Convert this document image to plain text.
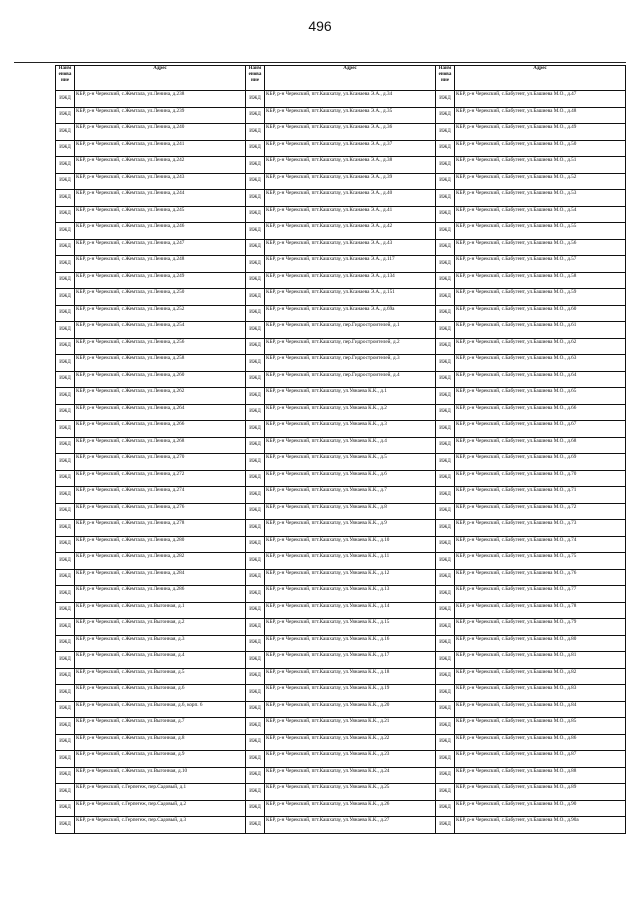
496
Наим енова ние	Адрес	Наим енова ние	Адрес	Наим енова ние	Адрес
ИЖД	КБР, р-н Черекский, с.Жемтала, ул.Ленина, д.238	ИЖД	КБР, р-н Черекский, пгт.Кашхатау, ул.Ксанаева Э.А., д.34	ИЖД	КБР, р-н Черекский, с.Бабугент, ул.Башиева М.О., д.47
ИЖД	КБР, р-н Черекский, с.Жемтала, ул.Ленина, д.239	ИЖД	КБР, р-н Черекский, пгт.Кашхатау, ул.Ксанаева Э.А., д.35	ИЖД	КБР, р-н Черекский, с.Бабугент, ул.Башиева М.О., д.48
ИЖД	КБР, р-н Черекский, с.Жемтала, ул.Ленина, д.240	ИЖД	КБР, р-н Черекский, пгт.Кашхатау, ул.Ксанаева Э.А., д.36	ИЖД	КБР, р-н Черекский, с.Бабугент, ул.Башиева М.О., д.49
ИЖД	КБР, р-н Черекский, с.Жемтала, ул.Ленина, д.241	ИЖД	КБР, р-н Черекский, пгт.Кашхатау, ул.Ксанаева Э.А., д.37	ИЖД	КБР, р-н Черекский, с.Бабугент, ул.Башиева М.О., д.50
ИЖД	КБР, р-н Черекский, с.Жемтала, ул.Ленина, д.242	ИЖД	КБР, р-н Черекский, пгт.Кашхатау, ул.Ксанаева Э.А., д.38	ИЖД	КБР, р-н Черекский, с.Бабугент, ул.Башиева М.О., д.51
ИЖД	КБР, р-н Черекский, с.Жемтала, ул.Ленина, д.243	ИЖД	КБР, р-н Черекский, пгт.Кашхатау, ул.Ксанаева Э.А., д.39	ИЖД	КБР, р-н Черекский, с.Бабугент, ул.Башиева М.О., д.52
ИЖД	КБР, р-н Черекский, с.Жемтала, ул.Ленина, д.244	ИЖД	КБР, р-н Черекский, пгт.Кашхатау, ул.Ксанаева Э.А., д.40	ИЖД	КБР, р-н Черекский, с.Бабугент, ул.Башиева М.О., д.53
ИЖД	КБР, р-н Черекский, с.Жемтала, ул.Ленина, д.245	ИЖД	КБР, р-н Черекский, пгт.Кашхатау, ул.Ксанаева Э.А., д.41	ИЖД	КБР, р-н Черекский, с.Бабугент, ул.Башиева М.О., д.54
ИЖД	КБР, р-н Черекский, с.Жемтала, ул.Ленина, д.246	ИЖД	КБР, р-н Черекский, пгт.Кашхатау, ул.Ксанаева Э.А., д.42	ИЖД	КБР, р-н Черекский, с.Бабугент, ул.Башиева М.О., д.55
ИЖД	КБР, р-н Черекский, с.Жемтала, ул.Ленина, д.247	ИЖД	КБР, р-н Черекский, пгт.Кашхатау, ул.Ксанаева Э.А., д.43	ИЖД	КБР, р-н Черекский, с.Бабугент, ул.Башиева М.О., д.56
ИЖД	КБР, р-н Черекский, с.Жемтала, ул.Ленина, д.248	ИЖД	КБР, р-н Черекский, пгт.Кашхатау, ул.Ксанаева Э.А., д.117	ИЖД	КБР, р-н Черекский, с.Бабугент, ул.Башиева М.О., д.57
ИЖД	КБР, р-н Черекский, с.Жемтала, ул.Ленина, д.249	ИЖД	КБР, р-н Черекский, пгт.Кашхатау, ул.Ксанаева Э.А., д.134	ИЖД	КБР, р-н Черекский, с.Бабугент, ул.Башиева М.О., д.58
ИЖД	КБР, р-н Черекский, с.Жемтала, ул.Ленина, д.250	ИЖД	КБР, р-н Черекский, пгт.Кашхатау, ул.Ксанаева Э.А., д.151	ИЖД	КБР, р-н Черекский, с.Бабугент, ул.Башиева М.О., д.59
ИЖД	КБР, р-н Черекский, с.Жемтала, ул.Ленина, д.252	ИЖД	КБР, р-н Черекский, пгт.Кашхатау, ул.Ксанаева Э.А., д.69а	ИЖД	КБР, р-н Черекский, с.Бабугент, ул.Башиева М.О., д.60
ИЖД	КБР, р-н Черекский, с.Жемтала, ул.Ленина, д.254	ИЖД	КБР, р-н Черекский, пгт.Кашхатау, пер.Гидростроителей, д.1	ИЖД	КБР, р-н Черекский, с.Бабугент, ул.Башиева М.О., д.61
ИЖД	КБР, р-н Черекский, с.Жемтала, ул.Ленина, д.256	ИЖД	КБР, р-н Черекский, пгт.Кашхатау, пер.Гидростроителей, д.2	ИЖД	КБР, р-н Черекский, с.Бабугент, ул.Башиева М.О., д.62
ИЖД	КБР, р-н Черекский, с.Жемтала, ул.Ленина, д.258	ИЖД	КБР, р-н Черекский, пгт.Кашхатау, пер.Гидростроителей, д.3	ИЖД	КБР, р-н Черекский, с.Бабугент, ул.Башиева М.О., д.63
ИЖД	КБР, р-н Черекский, с.Жемтала, ул.Ленина, д.260	ИЖД	КБР, р-н Черекский, пгт.Кашхатау, пер.Гидростроителей, д.4	ИЖД	КБР, р-н Черекский, с.Бабугент, ул.Башиева М.О., д.64
ИЖД	КБР, р-н Черекский, с.Жемтала, ул.Ленина, д.262	ИЖД	КБР, р-н Черекский, пгт.Кашхатау, ул.Уянаева К.К., д.1	ИЖД	КБР, р-н Черекский, с.Бабугент, ул.Башиева М.О., д.65
ИЖД	КБР, р-н Черекский, с.Жемтала, ул.Ленина, д.264	ИЖД	КБР, р-н Черекский, пгт.Кашхатау, ул.Уянаева К.К., д.2	ИЖД	КБР, р-н Черекский, с.Бабугент, ул.Башиева М.О., д.66
ИЖД	КБР, р-н Черекский, с.Жемтала, ул.Ленина, д.266	ИЖД	КБР, р-н Черекский, пгт.Кашхатау, ул.Уянаева К.К., д.3	ИЖД	КБР, р-н Черекский, с.Бабугент, ул.Башиева М.О., д.67
ИЖД	КБР, р-н Черекский, с.Жемтала, ул.Ленина, д.268	ИЖД	КБР, р-н Черекский, пгт.Кашхатау, ул.Уянаева К.К., д.4	ИЖД	КБР, р-н Черекский, с.Бабугент, ул.Башиева М.О., д.68
ИЖД	КБР, р-н Черекский, с.Жемтала, ул.Ленина, д.270	ИЖД	КБР, р-н Черекский, пгт.Кашхатау, ул.Уянаева К.К., д.5	ИЖД	КБР, р-н Черекский, с.Бабугент, ул.Башиева М.О., д.69
ИЖД	КБР, р-н Черекский, с.Жемтала, ул.Ленина, д.272	ИЖД	КБР, р-н Черекский, пгт.Кашхатау, ул.Уянаева К.К., д.6	ИЖД	КБР, р-н Черекский, с.Бабугент, ул.Башиева М.О., д.70
ИЖД	КБР, р-н Черекский, с.Жемтала, ул.Ленина, д.274	ИЖД	КБР, р-н Черекский, пгт.Кашхатау, ул.Уянаева К.К., д.7	ИЖД	КБР, р-н Черекский, с.Бабугент, ул.Башиева М.О., д.71
ИЖД	КБР, р-н Черекский, с.Жемтала, ул.Ленина, д.276	ИЖД	КБР, р-н Черекский, пгт.Кашхатау, ул.Уянаева К.К., д.8	ИЖД	КБР, р-н Черекский, с.Бабугент, ул.Башиева М.О., д.72
ИЖД	КБР, р-н Черекский, с.Жемтала, ул.Ленина, д.278	ИЖД	КБР, р-н Черекский, пгт.Кашхатау, ул.Уянаева К.К., д.9	ИЖД	КБР, р-н Черекский, с.Бабугент, ул.Башиева М.О., д.73
ИЖД	КБР, р-н Черекский, с.Жемтала, ул.Ленина, д.280	ИЖД	КБР, р-н Черекский, пгт.Кашхатау, ул.Уянаева К.К., д.10	ИЖД	КБР, р-н Черекский, с.Бабугент, ул.Башиева М.О., д.74
ИЖД	КБР, р-н Черекский, с.Жемтала, ул.Ленина, д.282	ИЖД	КБР, р-н Черекский, пгт.Кашхатау, ул.Уянаева К.К., д.11	ИЖД	КБР, р-н Черекский, с.Бабугент, ул.Башиева М.О., д.75
ИЖД	КБР, р-н Черекский, с.Жемтала, ул.Ленина, д.284	ИЖД	КБР, р-н Черекский, пгт.Кашхатау, ул.Уянаева К.К., д.12	ИЖД	КБР, р-н Черекский, с.Бабугент, ул.Башиева М.О., д.76
ИЖД	КБР, р-н Черекский, с.Жемтала, ул.Ленина, д.286	ИЖД	КБР, р-н Черекский, пгт.Кашхатау, ул.Уянаева К.К., д.13	ИЖД	КБР, р-н Черекский, с.Бабугент, ул.Башиева М.О., д.77
ИЖД	КБР, р-н Черекский, с.Жемтала, ул.Выгонная, д.1	ИЖД	КБР, р-н Черекский, пгт.Кашхатау, ул.Уянаева К.К., д.14	ИЖД	КБР, р-н Черекский, с.Бабугент, ул.Башиева М.О., д.78
ИЖД	КБР, р-н Черекский, с.Жемтала, ул.Выгонная, д.2	ИЖД	КБР, р-н Черекский, пгт.Кашхатау, ул.Уянаева К.К., д.15	ИЖД	КБР, р-н Черекский, с.Бабугент, ул.Башиева М.О., д.79
ИЖД	КБР, р-н Черекский, с.Жемтала, ул.Выгонная, д.3	ИЖД	КБР, р-н Черекский, пгт.Кашхатау, ул.Уянаева К.К., д.16	ИЖД	КБР, р-н Черекский, с.Бабугент, ул.Башиева М.О., д.80
ИЖД	КБР, р-н Черекский, с.Жемтала, ул.Выгонная, д.4	ИЖД	КБР, р-н Черекский, пгт.Кашхатау, ул.Уянаева К.К., д.17	ИЖД	КБР, р-н Черекский, с.Бабугент, ул.Башиева М.О., д.81
ИЖД	КБР, р-н Черекский, с.Жемтала, ул.Выгонная, д.5	ИЖД	КБР, р-н Черекский, пгт.Кашхатау, ул.Уянаева К.К., д.18	ИЖД	КБР, р-н Черекский, с.Бабугент, ул.Башиева М.О., д.82
ИЖД	КБР, р-н Черекский, с.Жемтала, ул.Выгонная, д.6	ИЖД	КБР, р-н Черекский, пгт.Кашхатау, ул.Уянаева К.К., д.19	ИЖД	КБР, р-н Черекский, с.Бабугент, ул.Башиева М.О., д.83
ИЖД	КБР, р-н Черекский, с.Жемтала, ул.Выгонная, д.6, корп. 6	ИЖД	КБР, р-н Черекский, пгт.Кашхатау, ул.Уянаева К.К., д.20	ИЖД	КБР, р-н Черекский, с.Бабугент, ул.Башиева М.О., д.84
ИЖД	КБР, р-н Черекский, с.Жемтала, ул.Выгонная, д.7	ИЖД	КБР, р-н Черекский, пгт.Кашхатау, ул.Уянаева К.К., д.21	ИЖД	КБР, р-н Черекский, с.Бабугент, ул.Башиева М.О., д.85
ИЖД	КБР, р-н Черекский, с.Жемтала, ул.Выгонная, д.8	ИЖД	КБР, р-н Черекский, пгт.Кашхатау, ул.Уянаева К.К., д.22	ИЖД	КБР, р-н Черекский, с.Бабугент, ул.Башиева М.О., д.86
ИЖД	КБР, р-н Черекский, с.Жемтала, ул.Выгонная, д.9	ИЖД	КБР, р-н Черекский, пгт.Кашхатау, ул.Уянаева К.К., д.23	ИЖД	КБР, р-н Черекский, с.Бабугент, ул.Башиева М.О., д.87
ИЖД	КБР, р-н Черекский, с.Жемтала, ул.Выгонная, д.10	ИЖД	КБР, р-н Черекский, пгт.Кашхатау, ул.Уянаева К.К., д.24	ИЖД	КБР, р-н Черекский, с.Бабугент, ул.Башиева М.О., д.88
ИЖД	КБР, р-н Черекский, с.Герпегеж, пер.Садовый, д.1	ИЖД	КБР, р-н Черекский, пгт.Кашхатау, ул.Уянаева К.К., д.25	ИЖД	КБР, р-н Черекский, с.Бабугент, ул.Башиева М.О., д.89
ИЖД	КБР, р-н Черекский, с.Герпегеж, пер.Садовый, д.2	ИЖД	КБР, р-н Черекский, пгт.Кашхатау, ул.Уянаева К.К., д.26	ИЖД	КБР, р-н Черекский, с.Бабугент, ул.Башиева М.О., д.90
ИЖД	КБР, р-н Черекский, с.Герпегеж, пер.Садовый, д.3	ИЖД	КБР, р-н Черекский, пгт.Кашхатау, ул.Уянаева К.К., д.27	ИЖД	КБР, р-н Черекский, с.Бабугент, ул.Башиева М.О., д.90а
